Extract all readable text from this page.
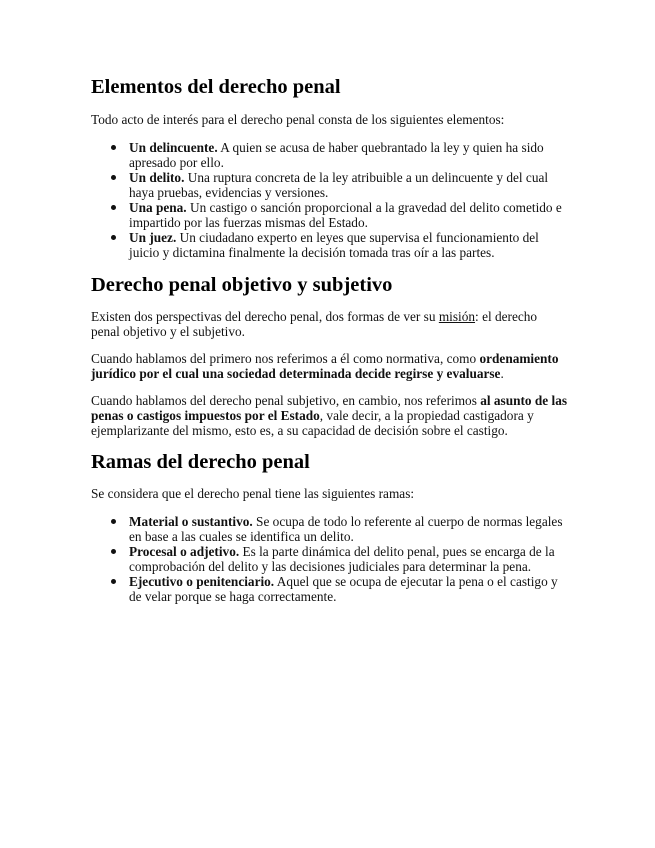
Elementos del derecho penal

Todo acto de interés para el derecho penal consta de los siguientes elementos:

Un delincuente. A quien se acusa de haber quebrantado la ley y quien ha sido apresado por ello.
Un delito. Una ruptura concreta de la ley atribuible a un delincuente y del cual haya pruebas, evidencias y versiones.
Una pena. Un castigo o sanción proporcional a la gravedad del delito cometido e impartido por las fuerzas mismas del Estado.
Un juez. Un ciudadano experto en leyes que supervisa el funcionamiento del juicio y dictamina finalmente la decisión tomada tras oír a las partes.
Derecho penal objetivo y subjetivo

Existen dos perspectivas del derecho penal, dos formas de ver su misión: el derecho penal objetivo y el subjetivo.

Cuando hablamos del primero nos referimos a él como normativa, como ordenamiento jurídico por el cual una sociedad determinada decide regirse y evaluarse.

Cuando hablamos del derecho penal subjetivo, en cambio, nos referimos al asunto de las penas o castigos impuestos por el Estado, vale decir, a la propiedad castigadora y ejemplarizante del mismo, esto es, a su capacidad de decisión sobre el castigo.

Ramas del derecho penal

Se considera que el derecho penal tiene las siguientes ramas:

Material o sustantivo. Se ocupa de todo lo referente al cuerpo de normas legales en base a las cuales se identifica un delito.
Procesal o adjetivo. Es la parte dinámica del delito penal, pues se encarga de la comprobación del delito y las decisiones judiciales para determinar la pena.
Ejecutivo o penitenciario. Aquel que se ocupa de ejecutar la pena o el castigo y de velar porque se haga correctamente.
